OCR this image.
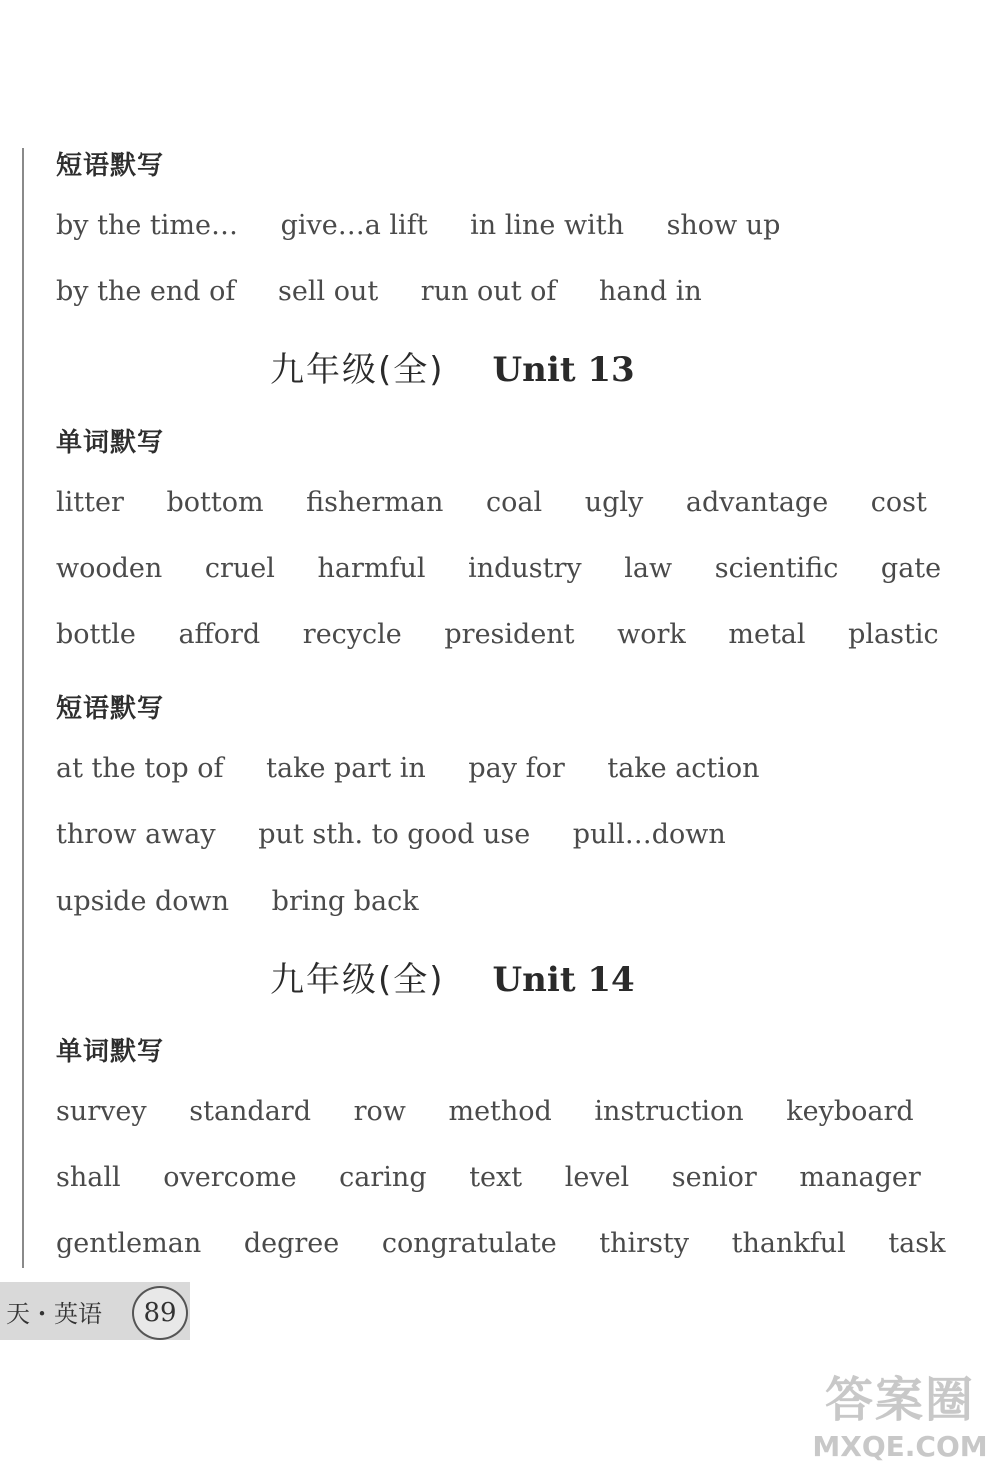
短语默写
by the time… give…a lift in line with show up
by the end of sell out run out of hand in
九年级(全) Unit 13
单词默写
litter bottom fisherman coal ugly advantage cost
wooden cruel harmful industry law scientific gate
bottle afford recycle president work metal plastic
短语默写
at the top of take part in pay for take action
throw away put sth. to good use pull…down
upside down bring back
九年级(全) Unit 14
单词默写
survey standard row method instruction keyboard
shall overcome caring text level senior manager
gentleman degree congratulate thirsty thankful task
天・英语	89
答案圈
MXQE.COM
